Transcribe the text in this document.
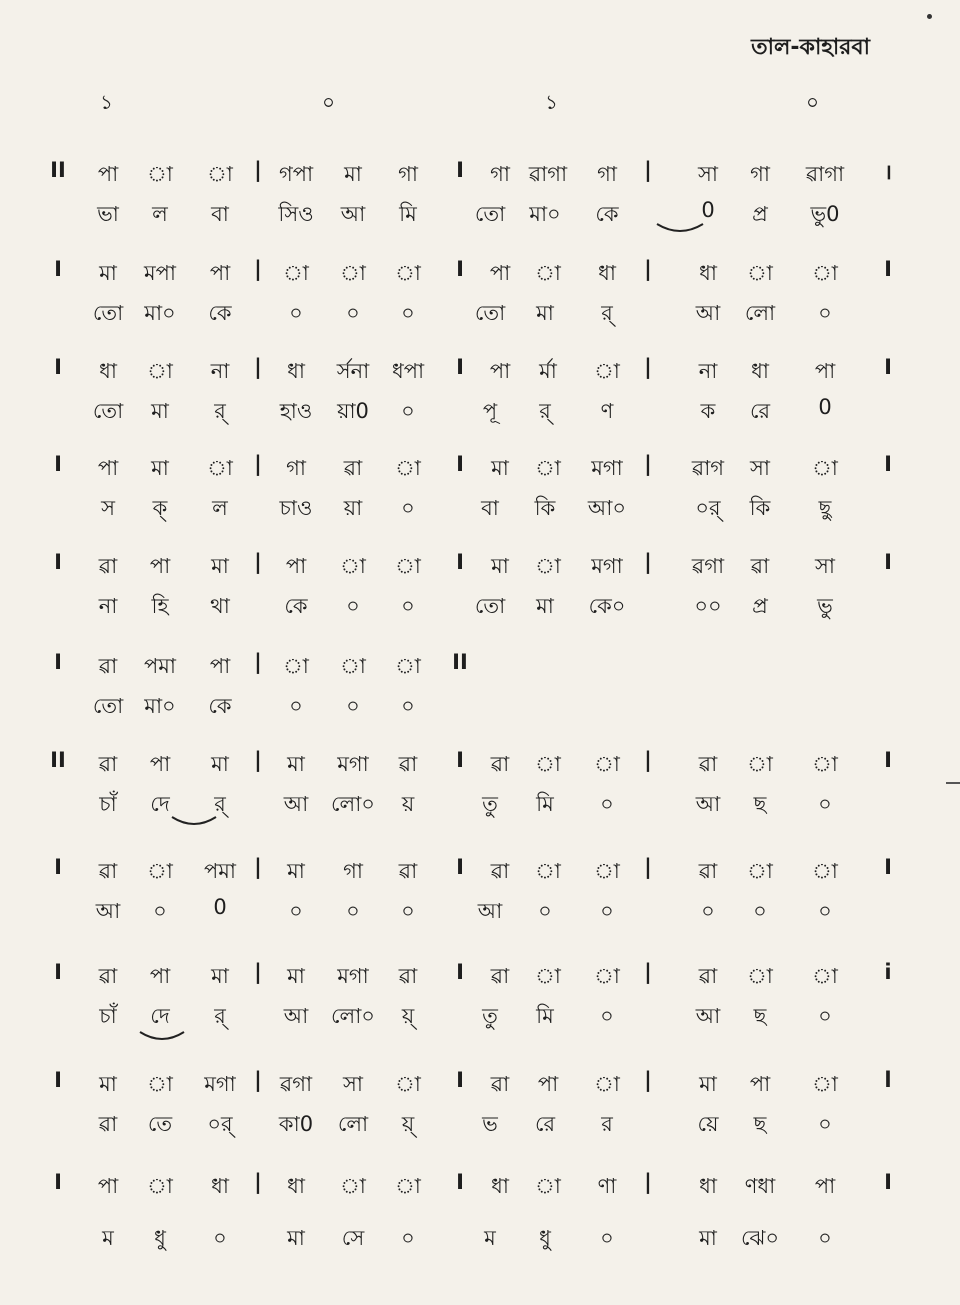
তাল-কাহারবা
১	০	১	০
II পা া া | গপা মা গা I গা ৱাগা গা | সা গা ৱাগা ।
ভা ল বা সিও আ মি	তো মা০ কে	0 প্র ভু0
I মা মপা পা | া া া I পা া ধা | ধা া া I
তো মা০ কে	০ ০ ০	তো মা র্	আ লো ০
I ধা া না | ধা র্সনা ধপা I পা র্মা া | না ধা পা I
তো মা র্	হাও য়া0 ০	পূ র্ ণ	ক রে 0
I পা মা া | গা ৱা া I মা া মগা | ৱাগ সা া I
স ক্ ল চাও য়া ০	বা কি আ০	০র্ কি ছু
I ৱা পা মা | পা া া I মা া মগা | ৱগা ৱা সা I
না হি থা	কে ০ ০	তো মা কে০	০০ প্র ভু
I ৱা পমা পা | া া া II
তো মা০ কে	০ ০ ০
II ৱা পা মা | মা মগা ৱা I ৱা া া | ৱা া া I
চাঁ দে র্	আ লো০ য়	তু মি ০	আ ছ ০
I ৱা া পমা | মা গা ৱা I ৱা া া | ৱা া া I
আ ০ 0	০ ০ ০	আ ০ ০	০ ০ ০
I ৱা পা মা | মা মগা ৱা I ৱা া া | ৱা া া i
চাঁ দে র্	আ লো০ য়্	তু মি ০	আ ছ ০
I মা া মগা | ৱগা সা া I ৱা পা া | মা পা া l
ৱা তে ০র্ কা0 লো য়্	ভ রে র	য়ে ছ ০
I পা া ধা | ধা া া I ধা া ণা | ধা ণধা পা I
ম ধু ০	মা সে ০	ম ধু ০	মা ঝে০ ০
